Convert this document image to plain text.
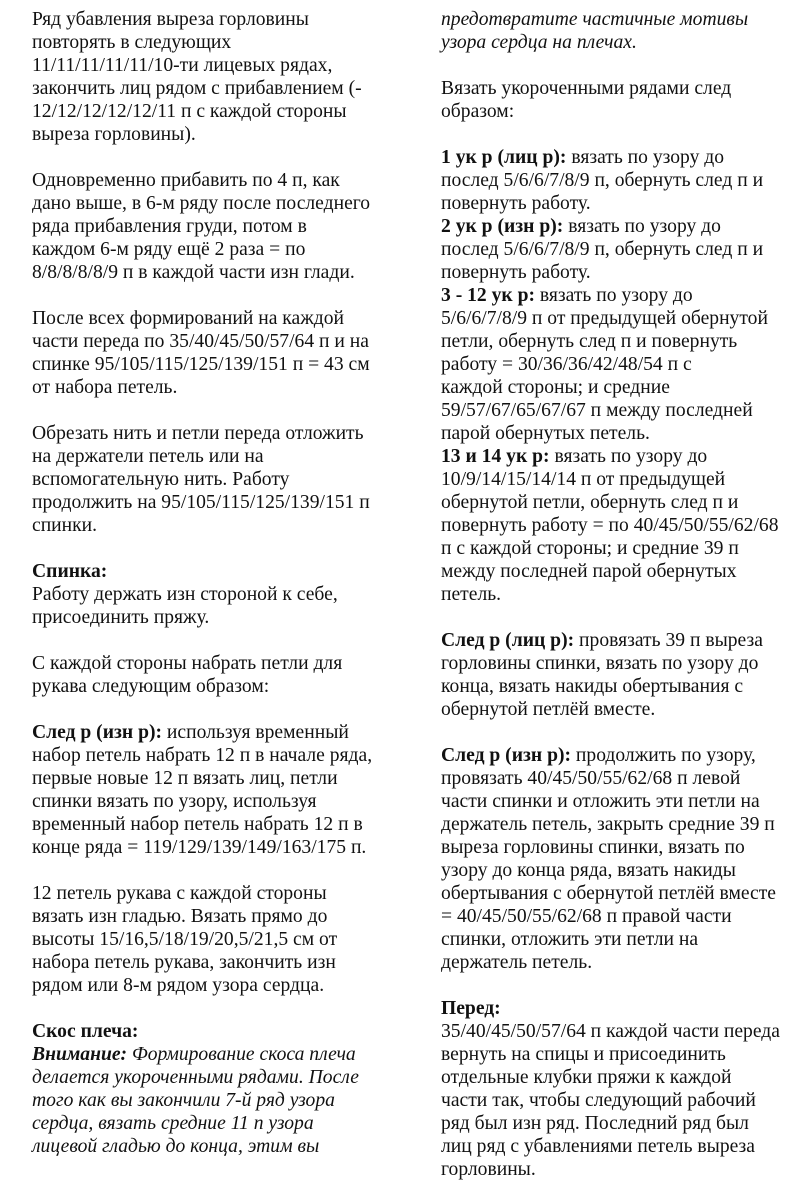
Ряд убавления выреза горловины
повторять в следующих
11/11/11/11/11/10-ти лицевых рядах,
закончить лиц рядом с прибавлением (-
12/12/12/12/12/11 п с каждой стороны
выреза горловины).
Одновременно прибавить по 4 п, как
дано выше, в 6-м ряду после последнего
ряда прибавления груди, потом в
каждом 6-м ряду ещё 2 раза = по
8/8/8/8/8/9 п в каждой части изн глади.
После всех формирований на каждой
части переда по 35/40/45/50/57/64 п и на
спинке 95/105/115/125/139/151 п = 43 см
от набора петель.
Обрезать нить и петли переда отложить
на держатели петель или на
вспомогательную нить. Работу
продолжить на 95/105/115/125/139/151 п
спинки.
Спинка:
Работу держать изн стороной к себе,
присоединить пряжу.
С каждой стороны набрать петли для
рукава следующим образом:
След р (изн р): используя временный
набор петель набрать 12 п в начале ряда,
первые новые 12 п вязать лиц, петли
спинки вязать по узору, используя
временный набор петель набрать 12 п в
конце ряда = 119/129/139/149/163/175 п.
12 петель рукава с каждой стороны
вязать изн гладью. Вязать прямо до
высоты 15/16,5/18/19/20,5/21,5 см от
набора петель рукава, закончить изн
рядом или 8-м рядом узора сердца.
Скос плеча:
Внимание: Формирование скоса плеча
делается укороченными рядами. После
того как вы закончили 7-й ряд узора
сердца, вязать средние 11 п узора
лицевой гладью до конца, этим вы
предотвратите частичные мотивы
узора сердца на плечах.
Вязать укороченными рядами след
образом:
1 ук р (лиц р): вязать по узору до
послед 5/6/6/7/8/9 п, обернуть след п и
повернуть работу.
2 ук р (изн р): вязать по узору до
послед 5/6/6/7/8/9 п, обернуть след п и
повернуть работу.
3 - 12 ук р: вязать по узору до
5/6/6/7/8/9 п от предыдущей обернутой
петли, обернуть след п и повернуть
работу = 30/36/36/42/48/54 п с
каждой стороны; и средние
59/57/67/65/67/67 п между последней
парой обернутых петель.
13 и 14 ук р: вязать по узору до
10/9/14/15/14/14 п от предыдущей
обернутой петли, обернуть след п и
повернуть работу = по 40/45/50/55/62/68
п с каждой стороны; и средние 39 п
между последней парой обернутых
петель.
След р (лиц р): провязать 39 п выреза
горловины спинки, вязать по узору до
конца, вязать накиды обертывания с
обернутой петлёй вместе.
След р (изн р): продолжить по узору,
провязать 40/45/50/55/62/68 п левой
части спинки и отложить эти петли на
держатель петель, закрыть средние 39 п
выреза горловины спинки, вязать по
узору до конца ряда, вязать накиды
обертывания с обернутой петлёй вместе
= 40/45/50/55/62/68 п правой части
спинки, отложить эти петли на
держатель петель.
Перед:
35/40/45/50/57/64 п каждой части переда
вернуть на спицы и присоединить
отдельные клубки пряжи к каждой
части так, чтобы следующий рабочий
ряд был изн ряд. Последний ряд был
лиц ряд с убавлениями петель выреза
горловины.
